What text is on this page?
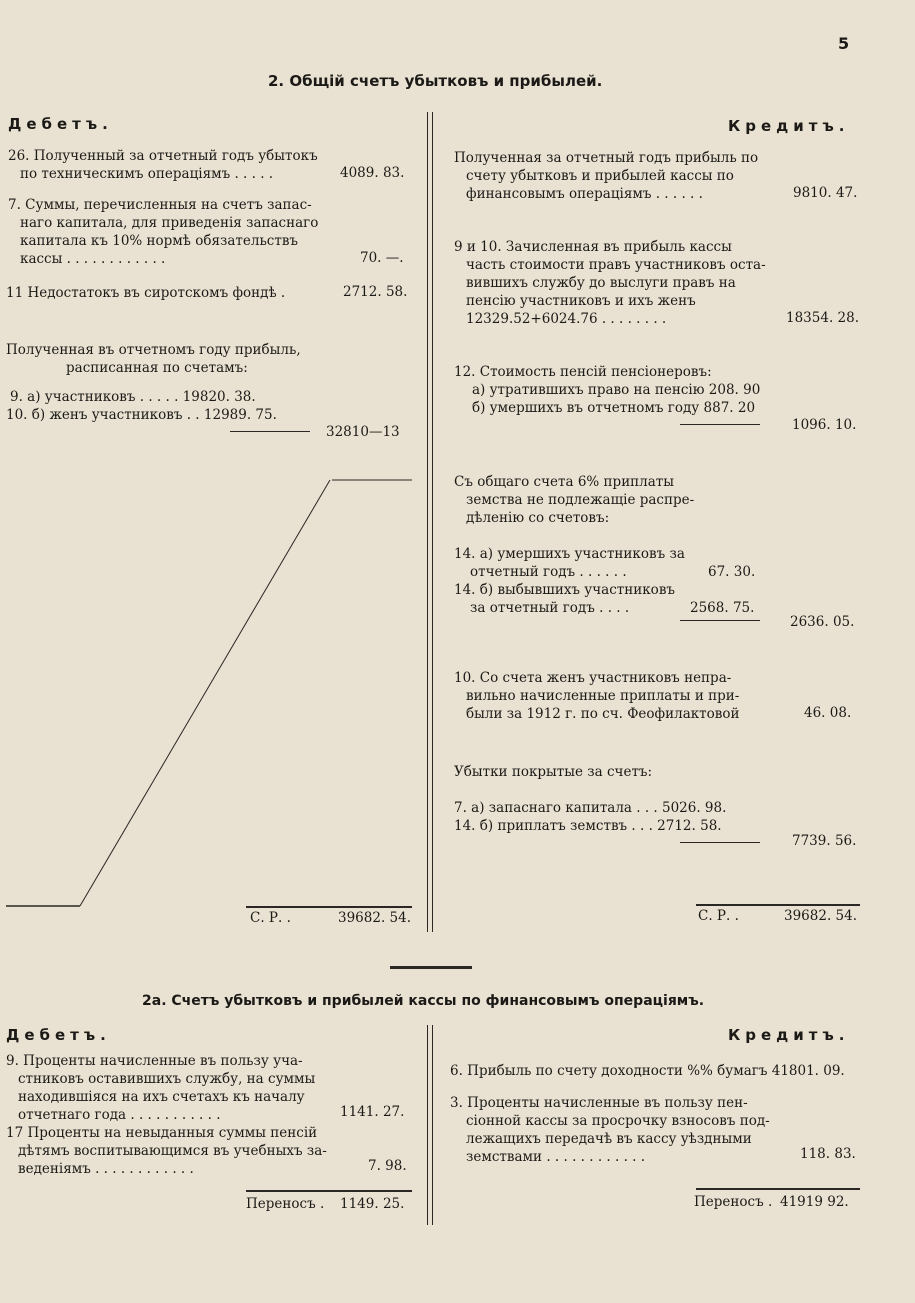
5
2. Общій счетъ убытковъ и прибылей.
Дебетъ.	Кредитъ.
26. Полученный за отчетный годъ убытокъ
по техническимъ операціямъ . . . . .	4089. 83.
7. Суммы, перечисленныя на счетъ запас-
наго капитала, для приведенія запаснаго
капитала къ 10% нормѣ обязательствъ
кассы . . . . . . . . . . . .	70. —.
11 Недостатокъ въ сиротскомъ фондѣ .	2712. 58.
Полученная въ отчетномъ году прибыль,
расписанная по счетамъ:
9. а) участниковъ . . . . . 19820. 38.
10. б) женъ участниковъ . . 12989. 75.
32810—13
С. Р. .	39682. 54.
Полученная за отчетный годъ прибыль по
счету убытковъ и прибылей кассы по
финансовымъ операціямъ . . . . . .	9810. 47.
9 и 10. Зачисленная въ прибыль кассы
часть стоимости правъ участниковъ оста-
вившихъ службу до выслуги правъ на
пенсію участниковъ и ихъ женъ
12329.52+6024.76 . . . . . . . .	18354. 28.
12. Стоимость пенсій пенсіонеровъ:
а) утратившихъ право на пенсію 208. 90
б) умершихъ въ отчетномъ году 887. 20
1096. 10.
Съ общаго счета 6% приплаты
земства не подлежащіе распре-
дѣленію со счетовъ:
14. а) умершихъ участниковъ за
отчетный годъ . . . . . .	67. 30.
14. б) выбывшихъ участниковъ
за отчетный годъ . . . .	2568. 75.
2636. 05.
10. Со счета женъ участниковъ непра-
вильно начисленные приплаты и при-
были за 1912 г. по сч. Феофилактовой	46. 08.
Убытки покрытые за счетъ:
7. а) запаснаго капитала . . . 5026. 98.
14. б) приплатъ земствъ . . . 2712. 58.
7739. 56.
С. Р. .	39682. 54.
2а. Счетъ убытковъ и прибылей кассы по финансовымъ операціямъ.
Дебетъ.	Кредитъ.
9. Проценты начисленные въ пользу уча-
стниковъ оставившихъ службу, на суммы
находившіяся на ихъ счетахъ къ началу
отчетнаго года . . . . . . . . . . .	1141. 27.
17 Проценты на невыданныя суммы пенсій
дѣтямъ воспитывающимся въ учебныхъ за-
веденіямъ . . . . . . . . . . . .	7. 98.
Переносъ . 1149. 25.
6. Прибыль по счету доходности %% бумагъ 41801. 09.
3. Проценты начисленные въ пользу пен-
сіонной кассы за просрочку взносовъ под-
лежащихъ передачѣ въ кассу уѣздными
земствами . . . . . . . . . . . .	118. 83.
Переносъ . 41919 92.
